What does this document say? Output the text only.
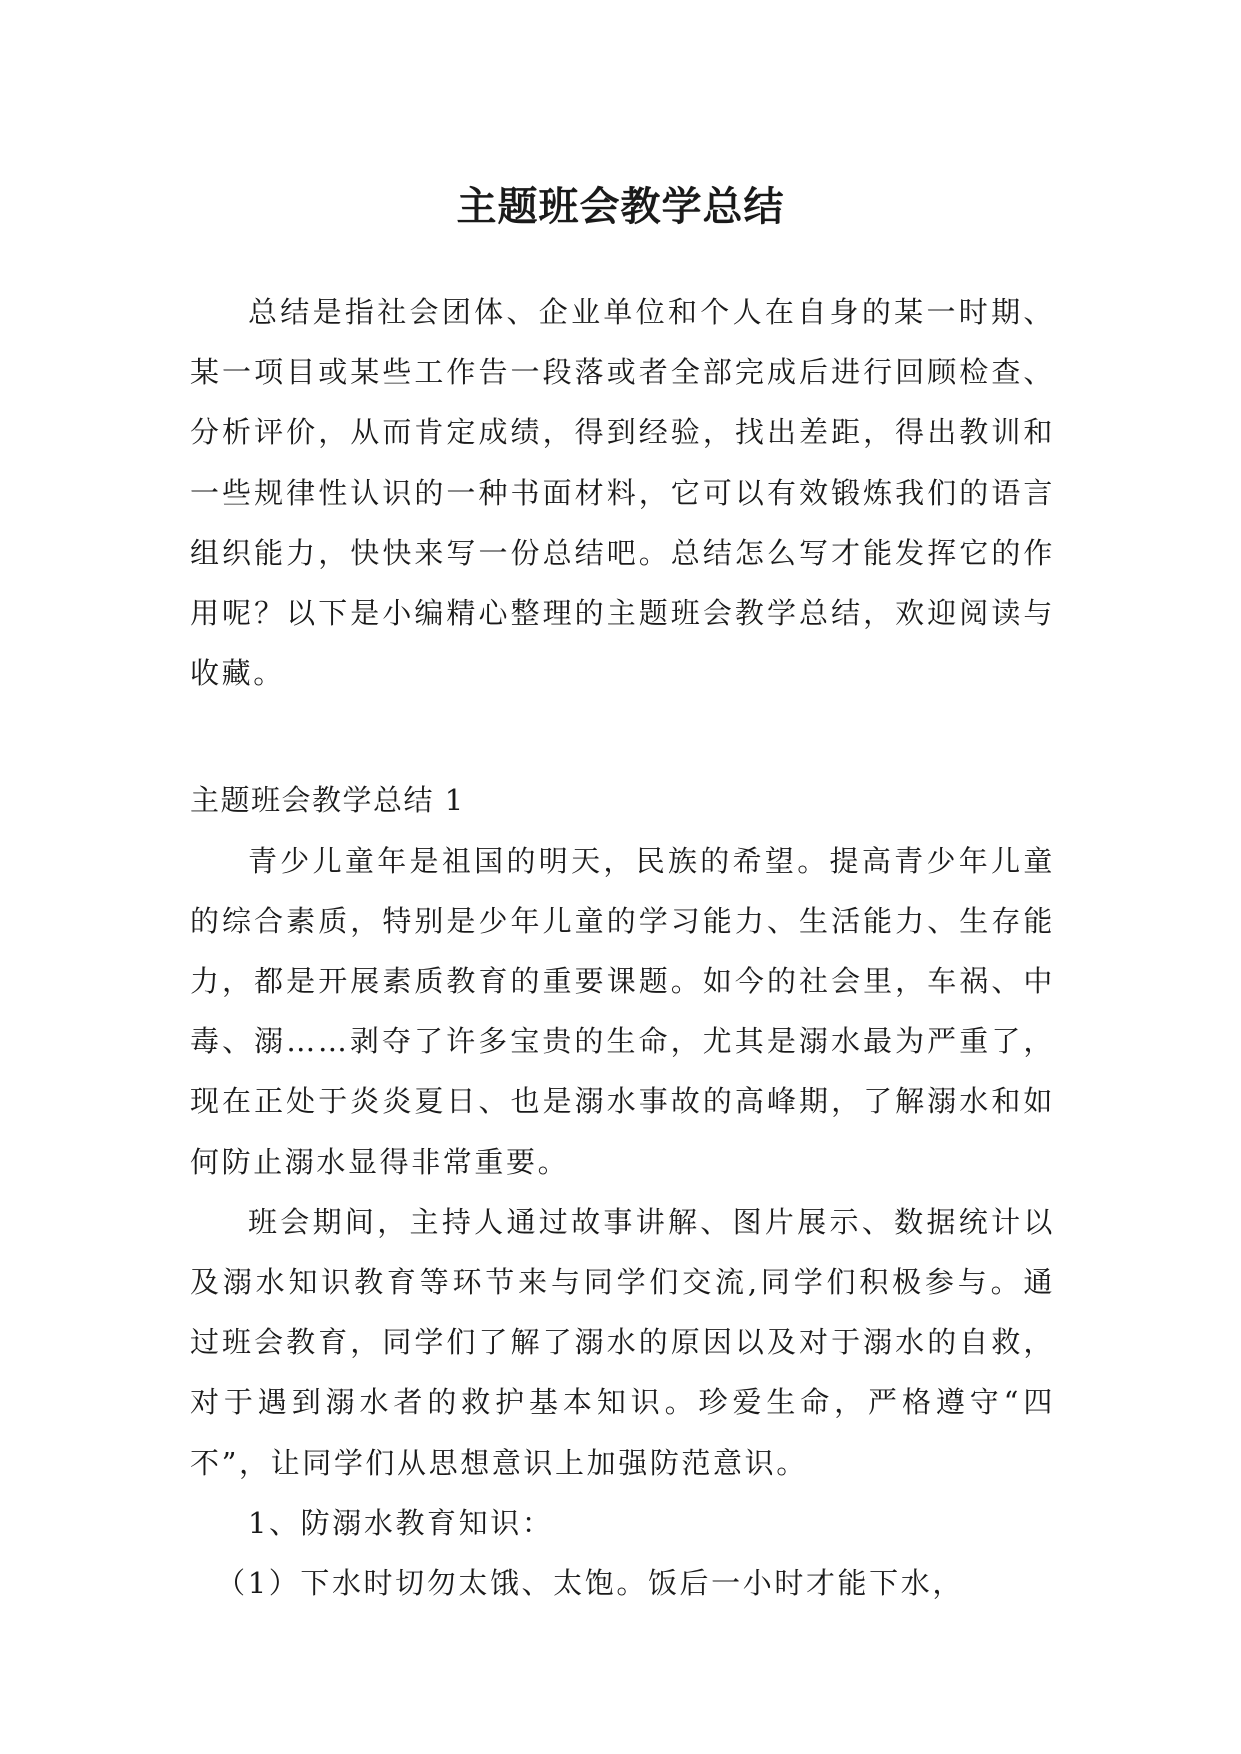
主题班会教学总结

总结是指社会团体、企业单位和个人在自身的某一时期、某一项目或某些工作告一段落或者全部完成后进行回顾检查、分析评价，从而肯定成绩，得到经验，找出差距，得出教训和一些规律性认识的一种书面材料，它可以有效锻炼我们的语言组织能力，快快来写一份总结吧。总结怎么写才能发挥它的作用呢？以下是小编精心整理的主题班会教学总结，欢迎阅读与收藏。

主题班会教学总结 1

青少儿童年是祖国的明天，民族的希望。提高青少年儿童的综合素质，特别是少年儿童的学习能力、生活能力、生存能力，都是开展素质教育的重要课题。如今的社会里，车祸、中毒、溺……剥夺了许多宝贵的生命，尤其是溺水最为严重了，现在正处于炎炎夏日、也是溺水事故的高峰期，了解溺水和如何防止溺水显得非常重要。

班会期间，主持人通过故事讲解、图片展示、数据统计以及溺水知识教育等环节来与同学们交流,同学们积极参与。通过班会教育，同学们了解了溺水的原因以及对于溺水的自救，对于遇到溺水者的救护基本知识。珍爱生命，严格遵守“四不”，让同学们从思想意识上加强防范意识。

1、防溺水教育知识：

（1）下水时切勿太饿、太饱。饭后一小时才能下水，
